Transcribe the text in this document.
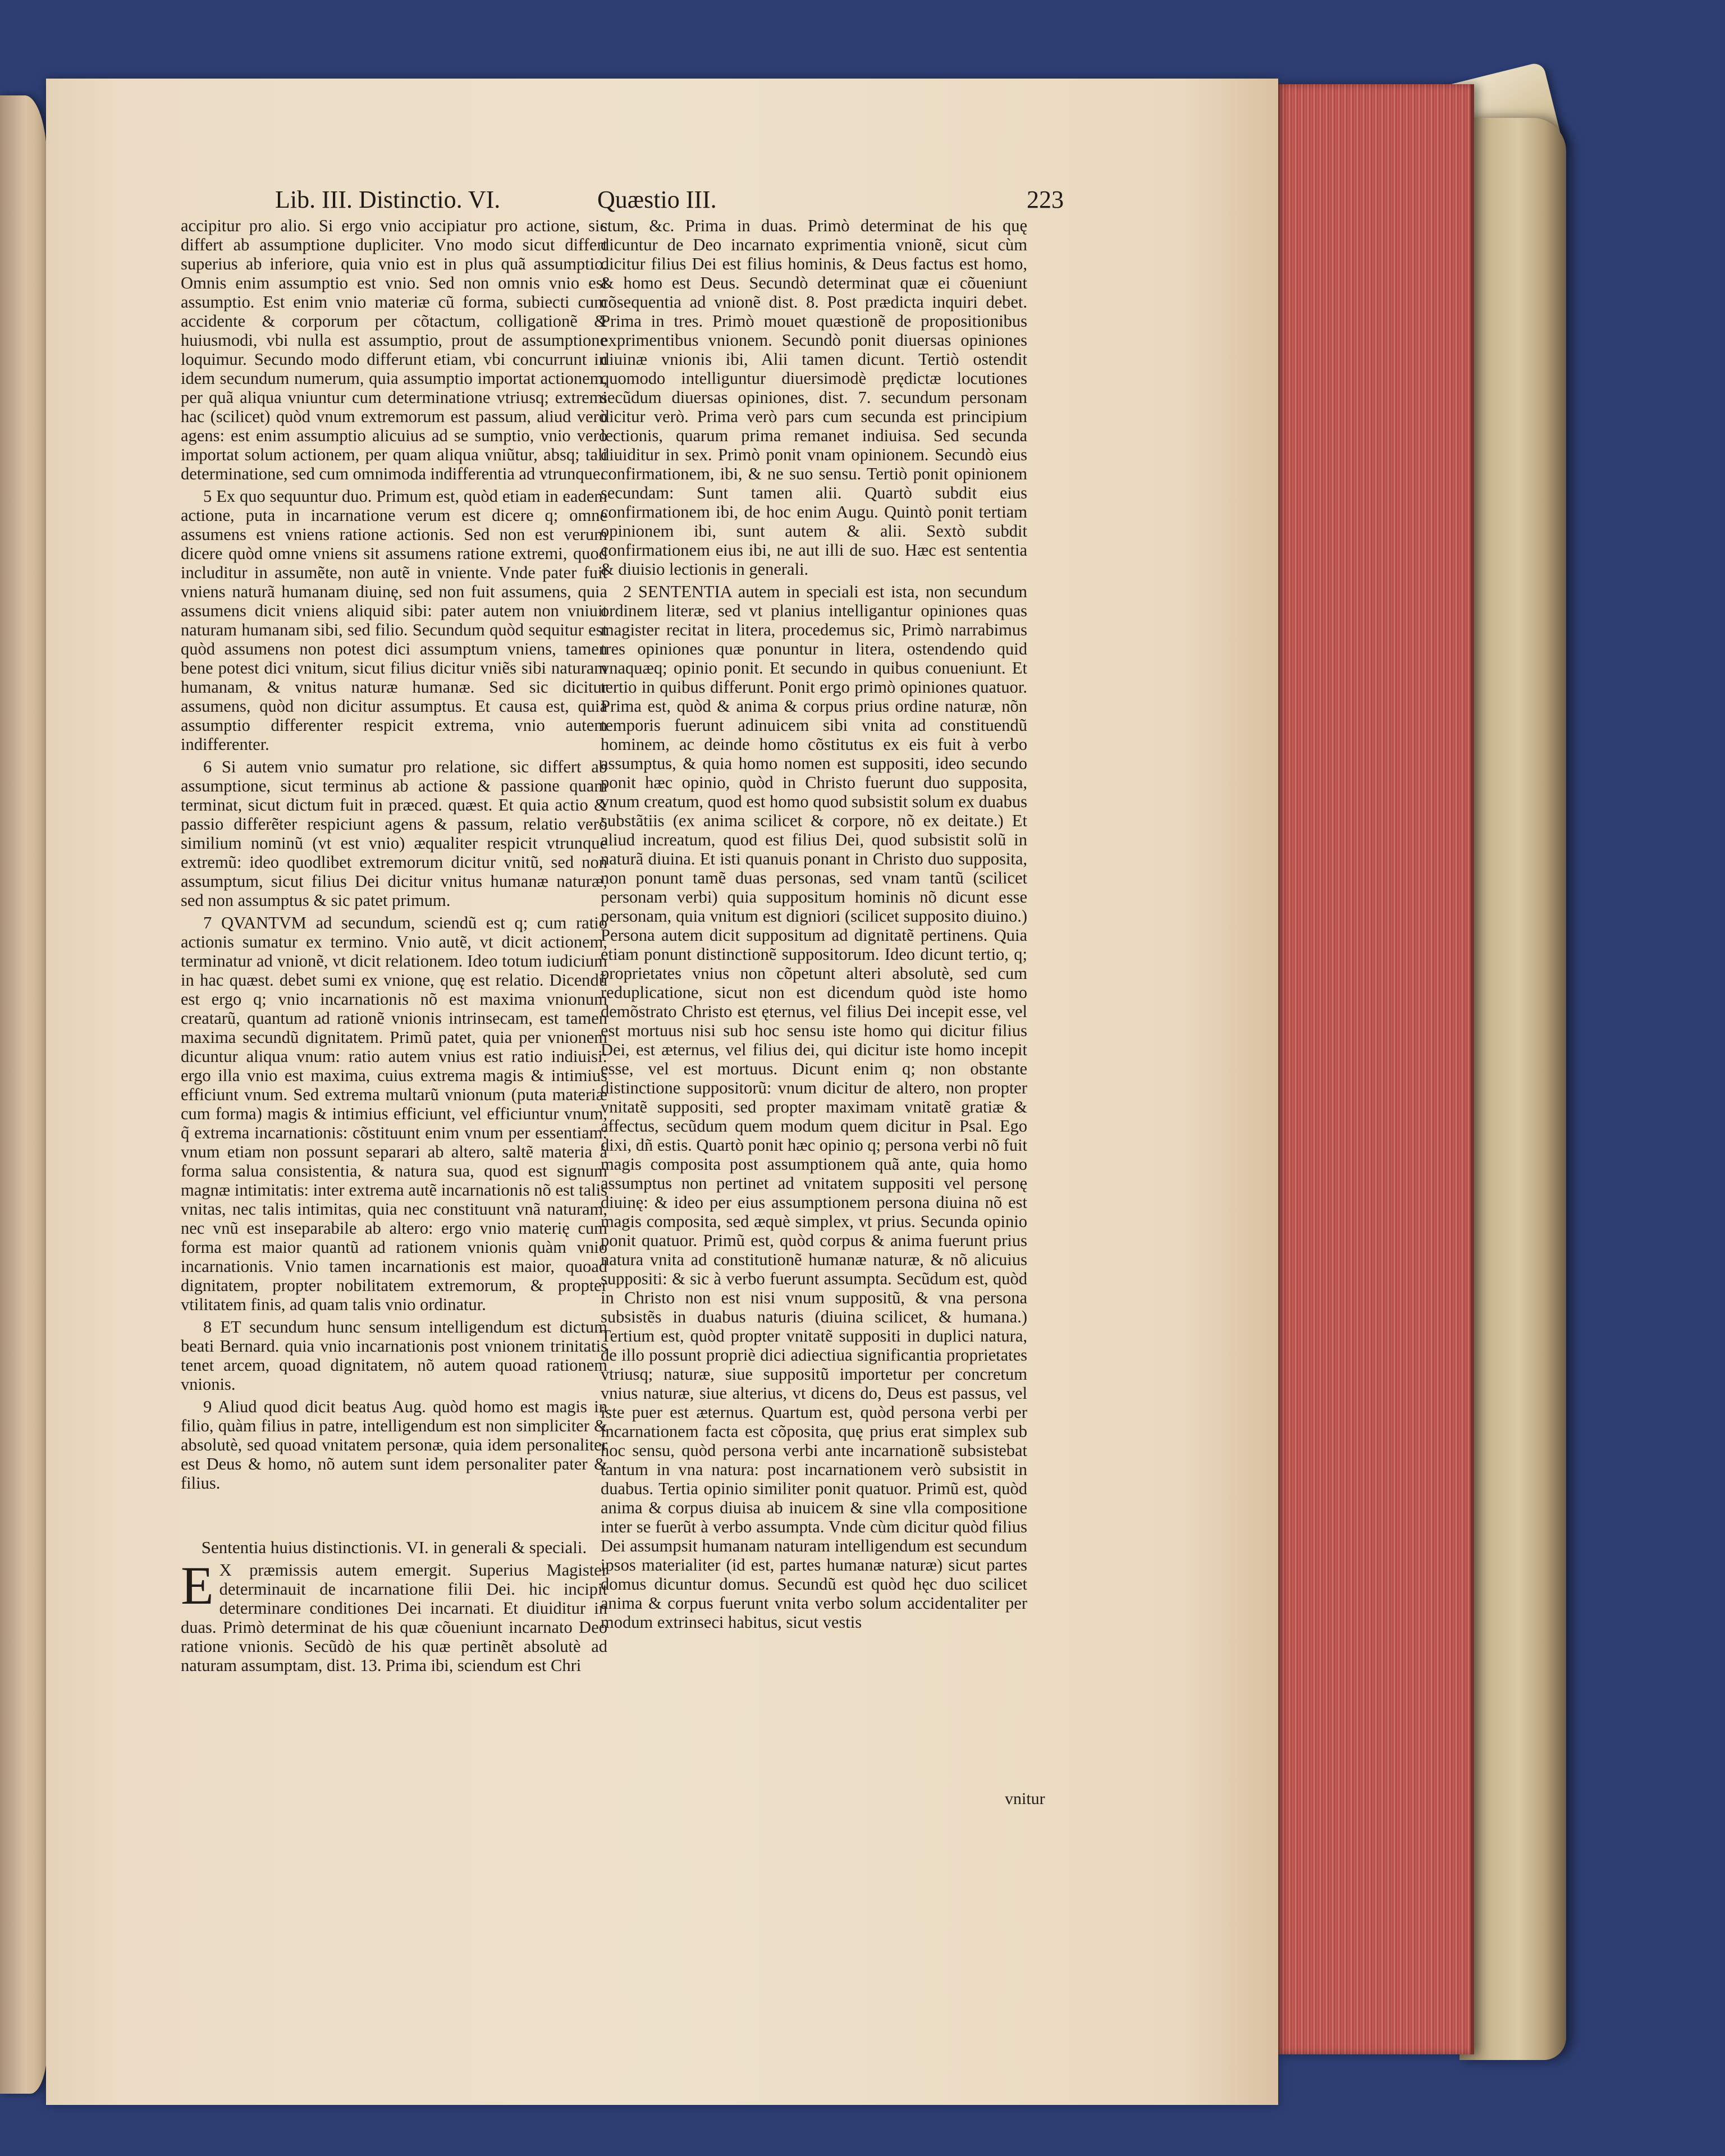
Lib. III. Distinctio. VI.	Quæstio III.	223

accipitur pro alio. Si ergo vnio accipiatur pro actione, sic differt ab assumptione dupliciter. Vno modo sicut differt superius ab inferiore, quia vnio est in plus quã assumptio. Omnis enim assumptio est vnio. Sed non omnis vnio est assumptio. Est enim vnio materiæ cũ forma, subiecti cum accidente & corporum per cõtactum, colligationẽ & huiusmodi, vbi nulla est assumptio, prout de assumptione loquimur. Secundo modo differunt etiam, vbi concurrunt in idem secundum numerum, quia assumptio importat actionem, per quã aliqua vniuntur cum determinatione vtriusq; extremi hac (scilicet) quòd vnum extremorum est passum, aliud verò agens: est enim assumptio alicuius ad se sumptio, vnio verò importat solum actionem, per quam aliqua vniũtur, absq; tali determinatione, sed cum omnimoda indifferentia ad vtrunque.

5 Ex quo sequuntur duo. Primum est, quòd etiam in eadem actione, puta in incarnatione verum est dicere q; omne assumens est vniens ratione actionis. Sed non est verum dicere quòd omne vniens sit assumens ratione extremi, quod includitur in assumẽte, non autẽ in vniente. Vnde pater fuit vniens naturã humanam diuinę, sed non fuit assumens, quia assumens dicit vniens aliquid sibi: pater autem non vniuit naturam humanam sibi, sed filio. Secundum quòd sequitur est quòd assumens non potest dici assumptum vniens, tamen bene potest dici vnitum, sicut filius dicitur vniẽs sibi naturam humanam, & vnitus naturæ humanæ. Sed sic dicitur assumens, quòd non dicitur assumptus. Et causa est, quia assumptio differenter respicit extrema, vnio autem indifferenter.

6 Si autem vnio sumatur pro relatione, sic differt ab assumptione, sicut terminus ab actione & passione quam terminat, sicut dictum fuit in præced. quæst. Et quia actio & passio differẽter respiciunt agens & passum, relatio verò similium nominũ (vt est vnio) æqualiter respicit vtrunque extremũ: ideo quodlibet extremorum dicitur vnitũ, sed non assumptum, sicut filius Dei dicitur vnitus humanæ naturæ, sed non assumptus & sic patet primum.

7 QVANTVM ad secundum, sciendũ est q; cum ratio actionis sumatur ex termino. Vnio autẽ, vt dicit actionem, terminatur ad vnionẽ, vt dicit relationem. Ideo totum iudicium in hac quæst. debet sumi ex vnione, quę est relatio. Dicendũ est ergo q; vnio incarnationis nõ est maxima vnionum creatarũ, quantum ad rationẽ vnionis intrinsecam, est tamen maxima secundũ dignitatem. Primũ patet, quia per vnionem dicuntur aliqua vnum: ratio autem vnius est ratio indiuisi: ergo illa vnio est maxima, cuius extrema magis & intimius efficiunt vnum. Sed extrema multarũ vnionum (puta materiæ cum forma) magis & intimius efficiunt, vel efficiuntur vnum, q̃ extrema incarnationis: cõstituunt enim vnum per essentiam: vnum etiam non possunt separari ab altero, saltẽ materia à forma salua consistentia, & natura sua, quod est signum magnæ intimitatis: inter extrema autẽ incarnationis nõ est talis vnitas, nec talis intimitas, quia nec constituunt vnã naturam, nec vnũ est inseparabile ab altero: ergo vnio materię cum forma est maior quantũ ad rationem vnionis quàm vnio incarnationis. Vnio tamen incarnationis est maior, quoad dignitatem, propter nobilitatem extremorum, & propter vtilitatem finis, ad quam talis vnio ordinatur.

8 ET secundum hunc sensum intelligendum est dictum beati Bernard. quia vnio incarnationis post vnionem trinitatis tenet arcem, quoad dignitatem, nõ autem quoad rationem vnionis.

9 Aliud quod dicit beatus Aug. quòd homo est magis in filio, quàm filius in patre, intelligendum est non simpliciter & absolutè, sed quoad vnitatem personæ, quia idem personaliter est Deus & homo, nõ autem sunt idem personaliter pater & filius.

Sententia huius distinctionis. VI. in generali & speciali.

E X præmissis autem emergit. Superius Magister determinauit de incarnatione filii Dei. hic incipit determinare conditiones Dei incarnati. Et diuiditur in duas. Primò determinat de his quæ cõueniunt incarnato Deo ratione vnionis. Secũdò de his quæ pertinẽt absolutè ad naturam assumptam, dist. 13. Prima ibi, sciendum est Chri

stum, &c. Prima in duas. Primò determinat de his quę dicuntur de Deo incarnato exprimentia vnionẽ, sicut cùm dicitur filius Dei est filius hominis, & Deus factus est homo, & homo est Deus. Secundò determinat quæ ei cõueniunt cõsequentia ad vnionẽ dist. 8. Post prædicta inquiri debet. Prima in tres. Primò mouet quæstionẽ de propositionibus exprimentibus vnionem. Secundò ponit diuersas opiniones diuinæ vnionis ibi, Alii tamen dicunt. Tertiò ostendit quomodo intelliguntur diuersimodè prędictæ locutiones secũdum diuersas opiniones, dist. 7. secundum personam dicitur verò. Prima verò pars cum secunda est principium lectionis, quarum prima remanet indiuisa. Sed secunda diuiditur in sex. Primò ponit vnam opinionem. Secundò eius confirmationem, ibi, & ne suo sensu. Tertiò ponit opinionem secundam: Sunt tamen alii. Quartò subdit eius confirmationem ibi, de hoc enim Augu. Quintò ponit tertiam opinionem ibi, sunt autem & alii. Sextò subdit confirmationem eius ibi, ne aut illi de suo. Hæc est sententia & diuisio lectionis in generali.

2 SENTENTIA autem in speciali est ista, non secundum ordinem literæ, sed vt planius intelligantur opiniones quas magister recitat in litera, procedemus sic, Primò narrabimus tres opiniones quæ ponuntur in litera, ostendendo quid vnaquæq; opinio ponit. Et secundo in quibus conueniunt. Et tertio in quibus differunt. Ponit ergo primò opiniones quatuor. Prima est, quòd & anima & corpus prius ordine naturæ, nõn temporis fuerunt adinuicem sibi vnita ad constituendũ hominem, ac deinde homo cõstitutus ex eis fuit à verbo assumptus, & quia homo nomen est suppositi, ideo secundo ponit hæc opinio, quòd in Christo fuerunt duo supposita, vnum creatum, quod est homo quod subsistit solum ex duabus substãtiis (ex anima scilicet & corpore, nõ ex deitate.) Et aliud increatum, quod est filius Dei, quod subsistit solũ in naturã diuina. Et isti quanuis ponant in Christo duo supposita, non ponunt tamẽ duas personas, sed vnam tantũ (scilicet personam verbi) quia suppositum hominis nõ dicunt esse personam, quia vnitum est digniori (scilicet supposito diuino.) Persona autem dicit suppositum ad dignitatẽ pertinens. Quia etiam ponunt distinctionẽ suppositorum. Ideo dicunt tertio, q; proprietates vnius non cõpetunt alteri absolutè, sed cum reduplicatione, sicut non est dicendum quòd iste homo demõstrato Christo est ęternus, vel filius Dei incepit esse, vel est mortuus nisi sub hoc sensu iste homo qui dicitur filius Dei, est æternus, vel filius dei, qui dicitur iste homo incepit esse, vel est mortuus. Dicunt enim q; non obstante distinctione suppositorũ: vnum dicitur de altero, non propter vnitatẽ suppositi, sed propter maximam vnitatẽ gratiæ & affectus, secũdum quem modum quem dicitur in Psal. Ego dixi, dñ estis. Quartò ponit hæc opinio q; persona verbi nõ fuit magis composita post assumptionem quã ante, quia homo assumptus non pertinet ad vnitatem suppositi vel personę diuinę: & ideo per eius assumptionem persona diuina nõ est magis composita, sed æquè simplex, vt prius. Secunda opinio ponit quatuor. Primũ est, quòd corpus & anima fuerunt prius natura vnita ad constitutionẽ humanæ naturæ, & nõ alicuius suppositi: & sic à verbo fuerunt assumpta. Secũdum est, quòd in Christo non est nisi vnum suppositũ, & vna persona subsistẽs in duabus naturis (diuina scilicet, & humana.) Tertium est, quòd propter vnitatẽ suppositi in duplici natura, de illo possunt propriè dici adiectiua significantia proprietates vtriusq; naturæ, siue suppositũ importetur per concretum vnius naturæ, siue alterius, vt dicens do, Deus est passus, vel iste puer est æternus. Quartum est, quòd persona verbi per incarnationem facta est cõposita, quę prius erat simplex sub hoc sensu, quòd persona verbi ante incarnationẽ subsistebat tantum in vna natura: post incarnationem verò subsistit in duabus. Tertia opinio similiter ponit quatuor. Primũ est, quòd anima & corpus diuisa ab inuicem & sine vlla compositione inter se fuerũt à verbo assumpta. Vnde cùm dicitur quòd filius Dei assumpsit humanam naturam intelligendum est secundum ipsos materialiter (id est, partes humanæ naturæ) sicut partes domus dicuntur domus. Secundũ est quòd hęc duo scilicet anima & corpus fuerunt vnita verbo solum accidentaliter per modum extrinseci habitus, sicut vestis

vnitur
